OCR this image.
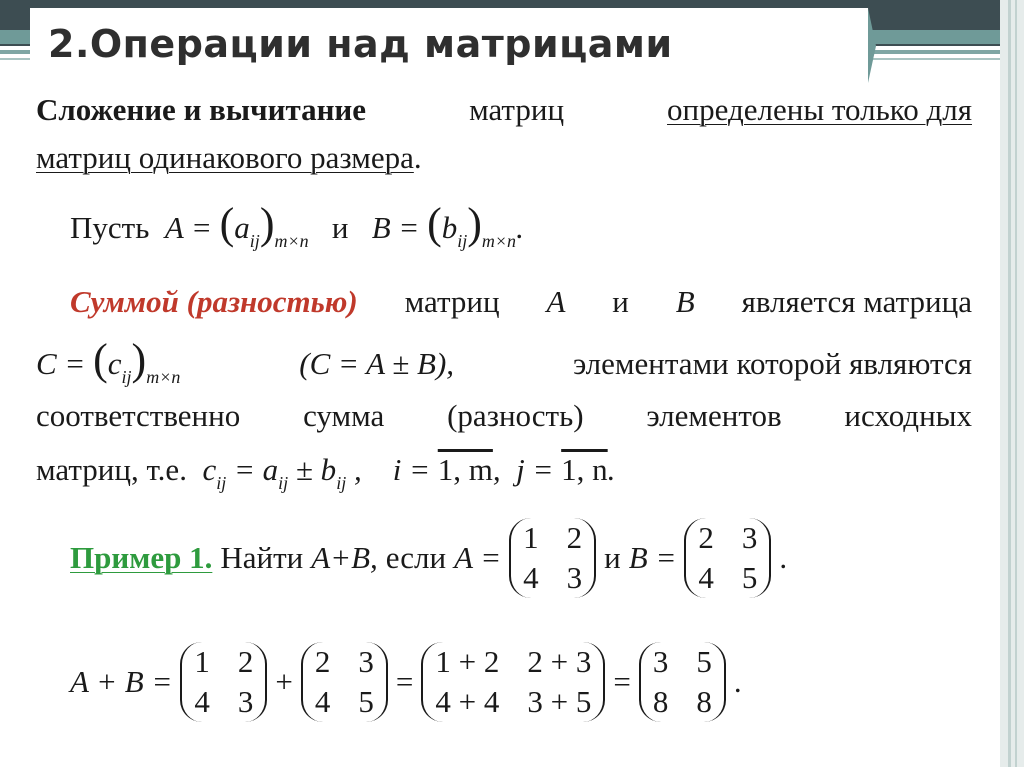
2.Операции над матрицами
Сложение и вычитание	матриц	определены только для
матриц одинакового размера.
Пусть  $A = (a_{ij})_{m\times n}$ и $B = (b_{ij})_{m\times n}$.
Суммой (разностью) матриц A и B является матрица
$C = (c_{ij})_{m\times n}$	(C = A ± B),	элементами которой являются
соответственно сумма (разность) элементов исходных
матриц, т.е.  $c_{ij} = a_{ij} \pm b_{ij}$ ,    i = 1, m,  j = 1, n.
Пример 1. Найти A+B, если A =
1 2
4 3
и B =
2 3
4 5
.
A + B =
1 2
4 3
+
2 3
4 5
=
1 + 2 2 + 3
4 + 4 3 + 5
=
3 5
8 8
.
